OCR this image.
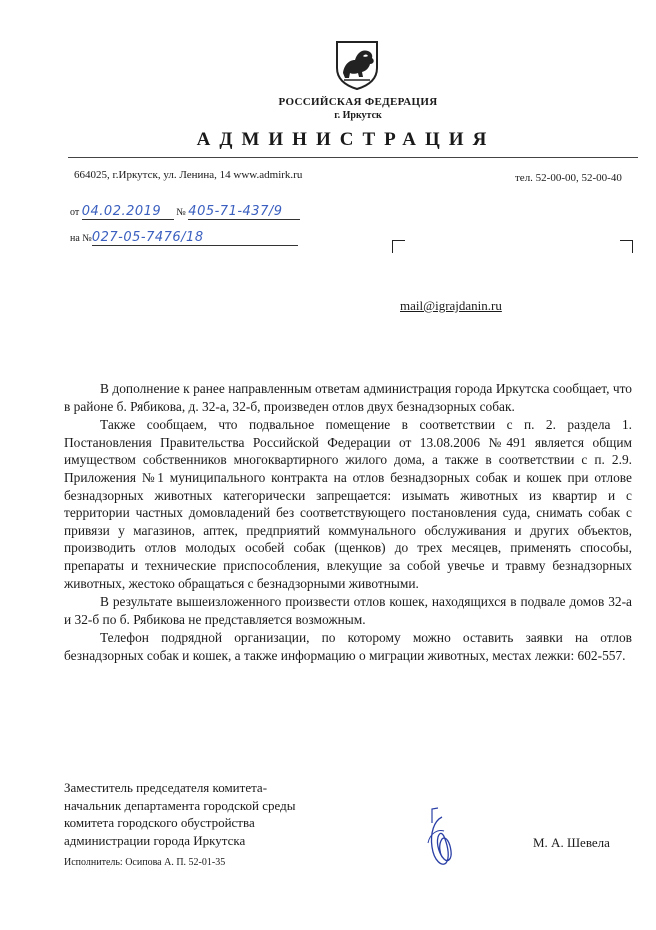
РОССИЙСКАЯ ФЕДЕРАЦИЯ
г. Иркутск
АДМИНИСТРАЦИЯ
664025, г.Иркутск, ул. Ленина, 14 www.admirk.ru	тел. 52-00-00, 52-00-40
от 04.02.2019 № 405-71-437/9
на №027-05-7476/18
mail@igrajdanin.ru

В дополнение к ранее направленным ответам администрация города Иркутска сообщает, что в районе б. Рябикова, д. 32-а, 32-б, произведен отлов двух безнадзорных собак.

Также сообщаем, что подвальное помещение в соответствии с п. 2. раздела 1. Постановления Правительства Российской Федерации от 13.08.2006 №491 является общим имуществом собственников многоквартирного жилого дома, а также в соответствии с п. 2.9. Приложения №1 муниципального контракта на отлов безнадзорных собак и кошек при отлове безнадзорных животных категорически запрещается: изымать животных из квартир и с территории частных домовладений без соответствующего постановления суда, снимать собак с привязи у магазинов, аптек, предприятий коммунального обслуживания и других объектов, производить отлов молодых особей собак (щенков) до трех месяцев, применять способы, препараты и технические приспособления, влекущие за собой увечье и травму безнадзорных животных, жестоко обращаться с безнадзорными животными.

В результате вышеизложенного произвести отлов кошек, находящихся в подвале домов 32-а и 32-б по б. Рябикова не представляется возможным.

Телефон подрядной организации, по которому можно оставить заявки на отлов безнадзорных собак и кошек, а также информацию о миграции животных, местах лежки: 602-557.

Заместитель председателя комитета-
начальник департамента городской среды
комитета городского обустройства
администрации города Иркутска	М. А. Шевела
Исполнитель: Осипова А. П. 52-01-35
